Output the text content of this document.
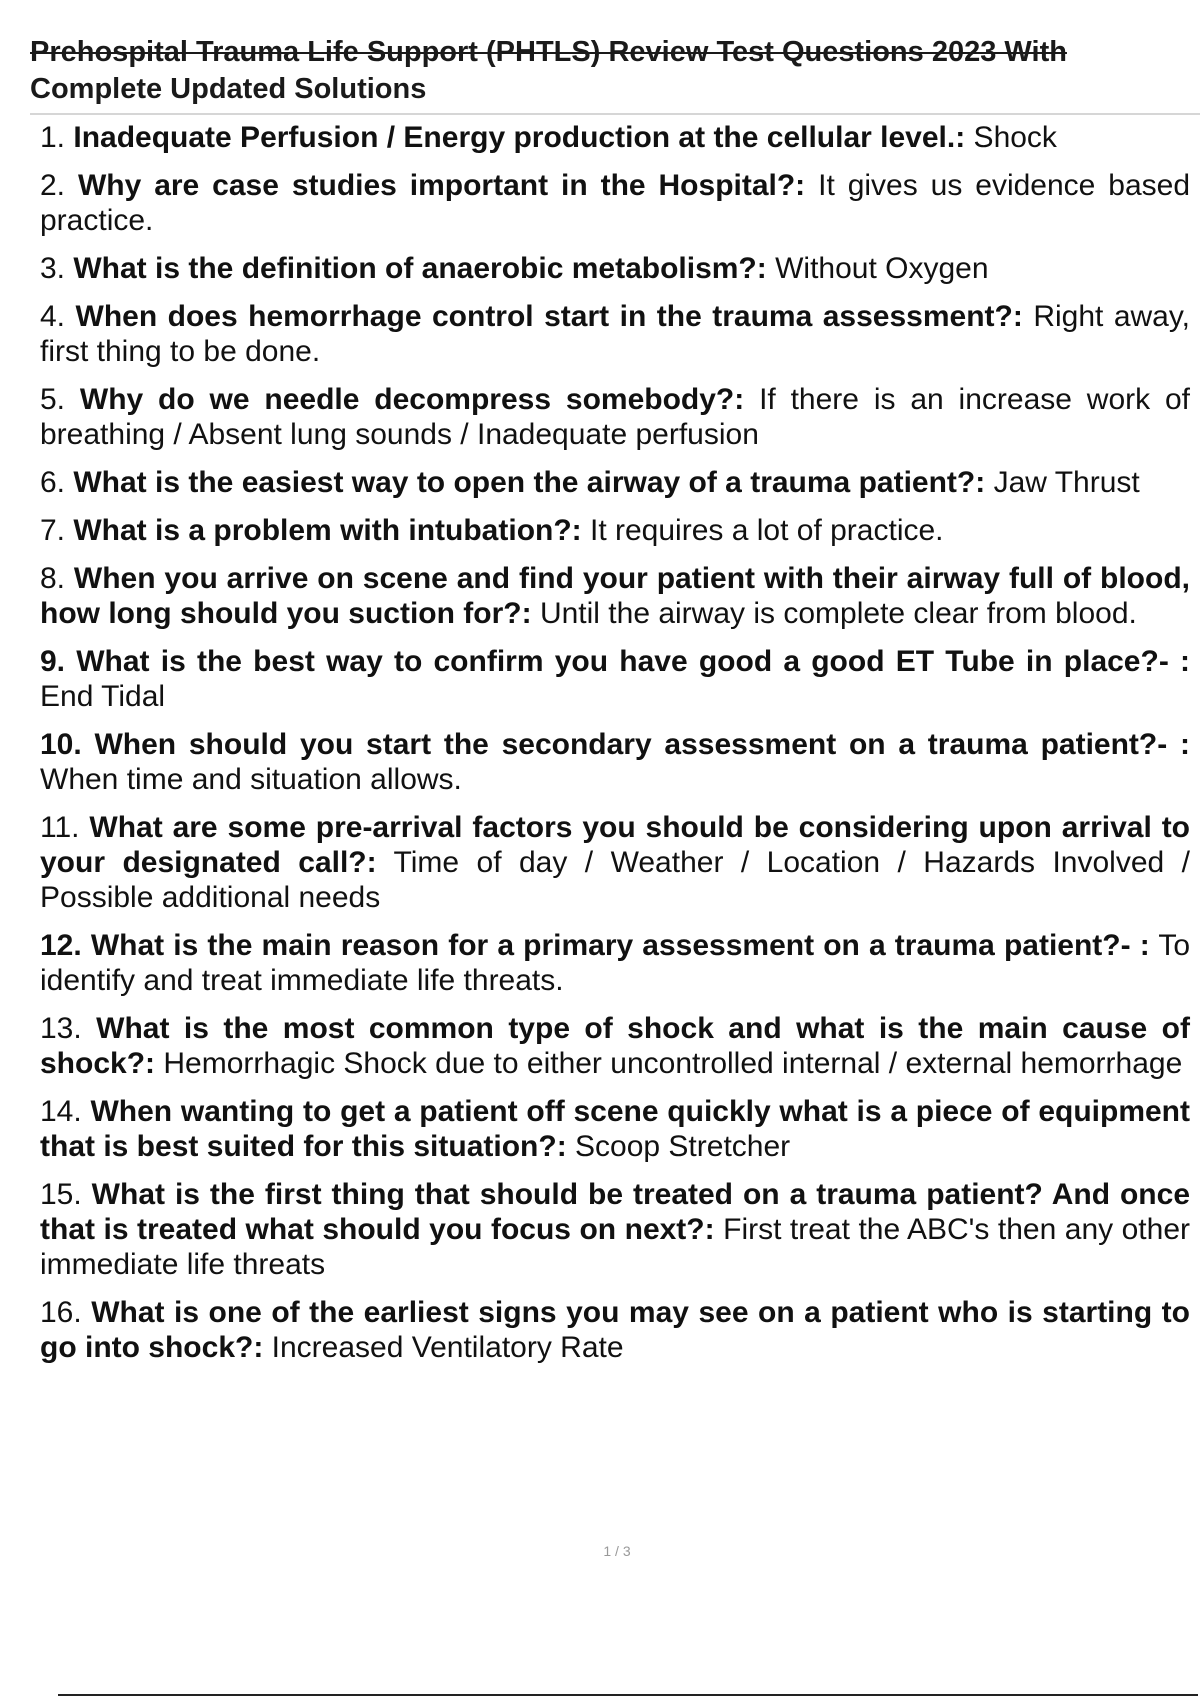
Prehospital Trauma Life Support (PHTLS) Review Test Questions 2023 With
Complete Updated Solutions
1. Inadequate Perfusion / Energy production at the cellular level.: Shock
2. Why are case studies important in the Hospital?: It gives us evidence based practice.
3. What is the definition of anaerobic metabolism?: Without Oxygen
4. When does hemorrhage control start in the trauma assessment?: Right away, first thing to be done.
5. Why do we needle decompress somebody?: If there is an increase work of breathing / Absent lung sounds / Inadequate perfusion
6. What is the easiest way to open the airway of a trauma patient?: Jaw Thrust
7. What is a problem with intubation?: It requires a lot of practice.
8. When you arrive on scene and find your patient with their airway full of blood, how long should you suction for?: Until the airway is complete clear from blood.
9. What is the best way to confirm you have good a good ET Tube in place?- : End Tidal
10. When should you start the secondary assessment on a trauma patient?- : When time and situation allows.
11. What are some pre-arrival factors you should be considering upon arrival to your designated call?: Time of day / Weather / Location / Hazards Involved / Possible additional needs
12. What is the main reason for a primary assessment on a trauma patient?- : To identify and treat immediate life threats.
13. What is the most common type of shock and what is the main cause of shock?: Hemorrhagic Shock due to either uncontrolled internal / external hemorrhage
14. When wanting to get a patient off scene quickly what is a piece of equipment that is best suited for this situation?: Scoop Stretcher
15. What is the first thing that should be treated on a trauma patient? And once that is treated what should you focus on next?: First treat the ABC's then any other immediate life threats
16. What is one of the earliest signs you may see on a patient who is starting to go into shock?: Increased Ventilatory Rate
1 / 3
